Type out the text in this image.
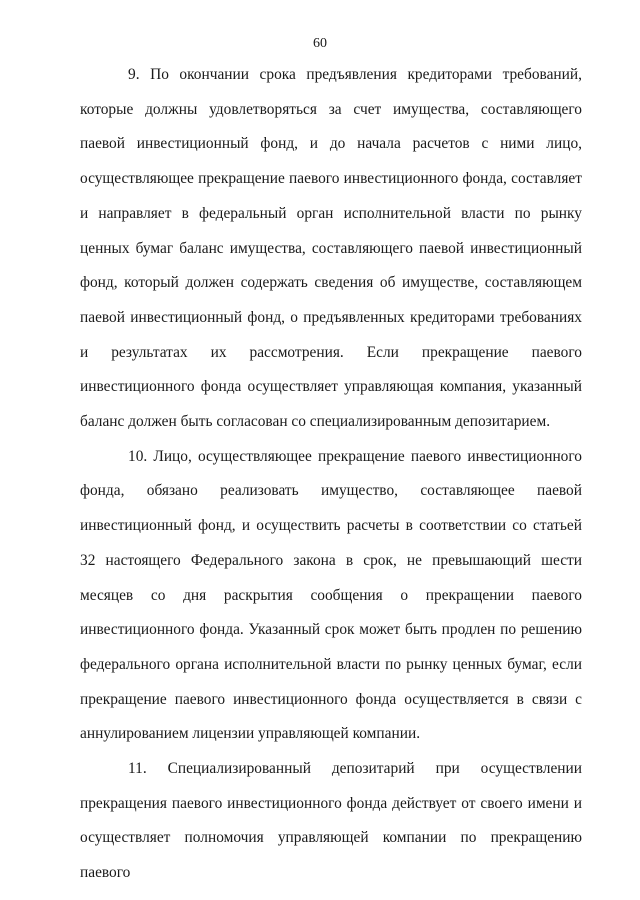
60

9. По окончании срока предъявления кредиторами требований, которые должны удовлетворяться за счет имущества, составляющего паевой инвестиционный фонд, и до начала расчетов с ними лицо, осуществляющее прекращение паевого инвестиционного фонда, составляет и направляет в федеральный орган исполнительной власти по рынку ценных бумаг баланс имущества, составляющего паевой инвестиционный фонд, который должен содержать сведения об имуществе, составляющем паевой инвестиционный фонд, о предъявленных кредиторами требованиях и результатах их рассмотрения. Если прекращение паевого инвестиционного фонда осуществляет управляющая компания, указанный баланс должен быть согласован со специализированным депозитарием.

10. Лицо, осуществляющее прекращение паевого инвестиционного фонда, обязано реализовать имущество, составляющее паевой инвестиционный фонд, и осуществить расчеты в соответствии со статьей 32 настоящего Федерального закона в срок, не превышающий шести месяцев со дня раскрытия сообщения о прекращении паевого инвестиционного фонда. Указанный срок может быть продлен по решению федерального органа исполнительной власти по рынку ценных бумаг, если прекращение паевого инвестиционного фонда осуществляется в связи с аннулированием лицензии управляющей компании.

11. Специализированный депозитарий при осуществлении прекращения паевого инвестиционного фонда действует от своего имени и осуществляет полномочия управляющей компании по прекращению паевого
